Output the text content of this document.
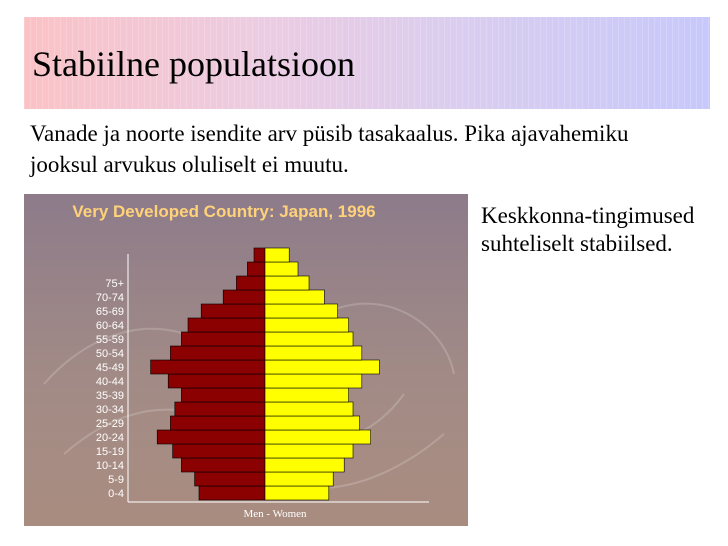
Stabiilne populatsioon

Vanade ja noorte isendite arv püsib tasakaalus. Pika ajavahemiku jooksul arvukus oluliselt ei muutu.

0-4
5-9
10-14
15-19
20-24
25-29
30-34
35-39
40-44
45-49
50-54
55-59
60-64
65-69
70-74
75+
Very Developed Country: Japan, 1996
Men - Women

Keskkonna-tingimused suhteliselt stabiilsed.
